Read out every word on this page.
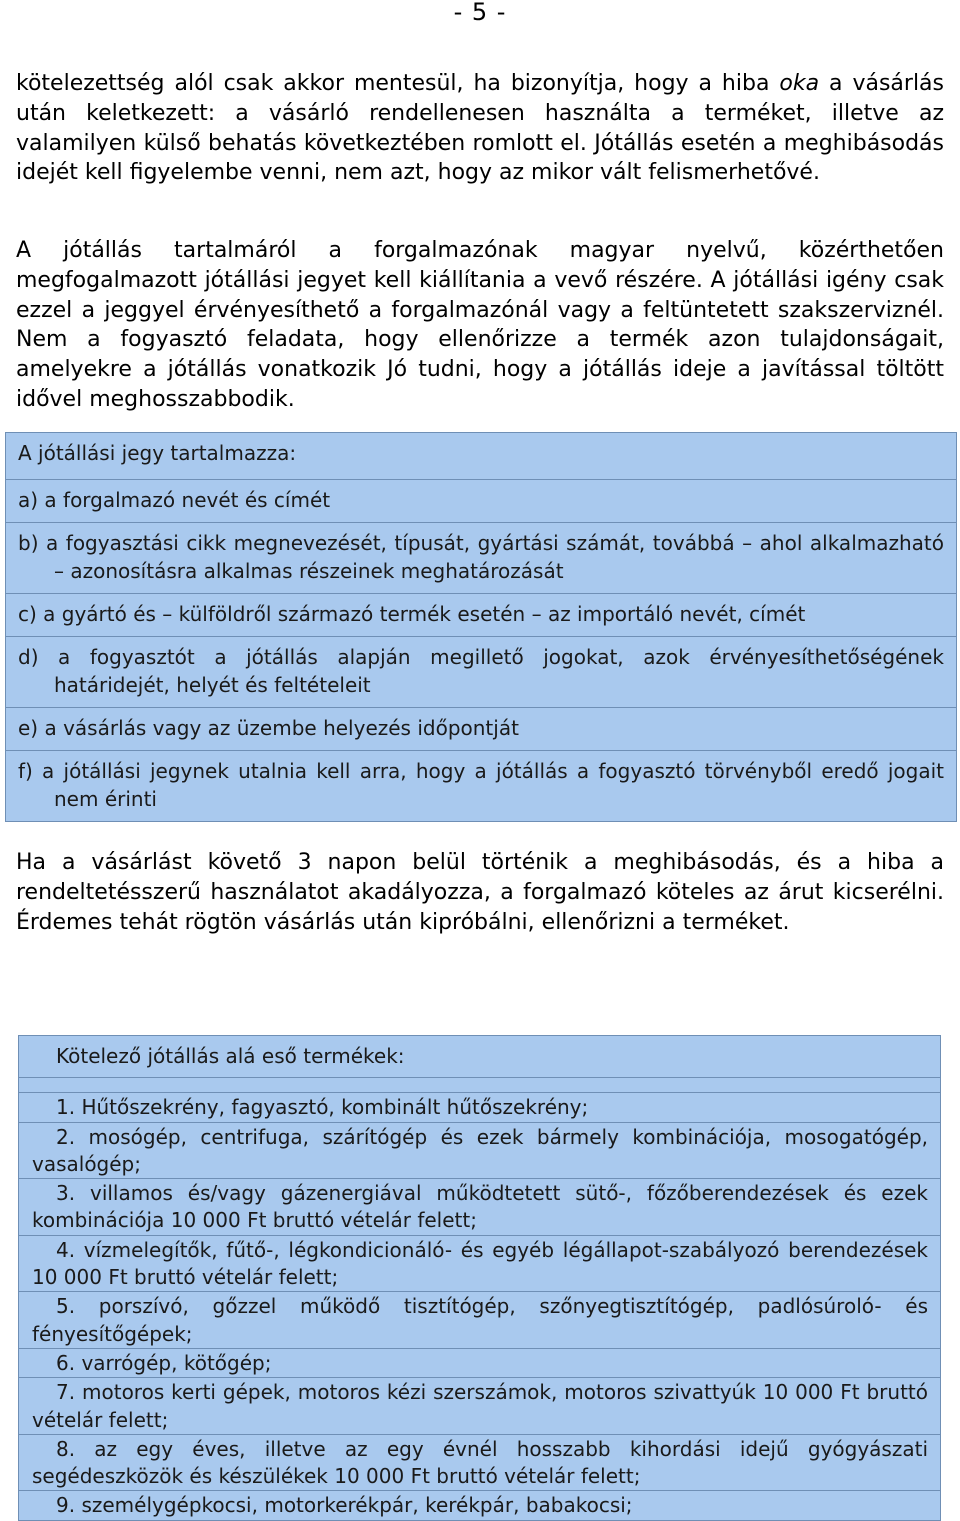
- 5 -

kötelezettség alól csak akkor mentesül, ha bizonyítja, hogy a hiba oka a vásárlás után keletkezett: a vásárló rendellenesen használta a terméket, illetve az valamilyen külső behatás következtében romlott el. Jótállás esetén a meghibásodás idejét kell figyelembe venni, nem azt, hogy az mikor vált felismerhetővé.

A jótállás tartalmáról a forgalmazónak magyar nyelvű, közérthetően megfogalmazott jótállási jegyet kell kiállítania a vevő részére. A jótállási igény csak ezzel a jeggyel érvényesíthető a forgalmazónál vagy a feltüntetett szakszerviznél. Nem a fogyasztó feladata, hogy ellenőrizze a termék azon tulajdonságait, amelyekre a jótállás vonatkozik Jó tudni, hogy a jótállás ideje a javítással töltött idővel meghosszabbodik.

A jótállási jegy tartalmazza:
a) a forgalmazó nevét és címét
b) a fogyasztási cikk megnevezését, típusát, gyártási számát, továbbá – ahol alkalmazható – azonosításra alkalmas részeinek meghatározását
c) a gyártó és – külföldről származó termék esetén – az importáló nevét, címét
d) a fogyasztót a jótállás alapján megillető jogokat, azok érvényesíthetőségének határidejét, helyét és feltételeit
e) a vásárlás vagy az üzembe helyezés időpontját
f) a jótállási jegynek utalnia kell arra, hogy a jótállás a fogyasztó törvényből eredő jogait nem érinti

Ha a vásárlást követő 3 napon belül történik a meghibásodás, és a hiba a rendeltetésszerű használatot akadályozza, a forgalmazó köteles az árut kicserélni. Érdemes tehát rögtön vásárlás után kipróbálni, ellenőrizni a terméket.

Kötelező jótállás alá eső termékek:

1. Hűtőszekrény, fagyasztó, kombinált hűtőszekrény;
2. mosógép, centrifuga, szárítógép és ezek bármely kombinációja, mosogatógép, vasalógép;
3. villamos és/vagy gázenergiával működtetett sütő-, főzőberendezések és ezek kombinációja 10 000 Ft bruttó vételár felett;
4. vízmelegítők, fűtő-, légkondicionáló- és egyéb légállapot-szabályozó berendezések 10 000 Ft bruttó vételár felett;
5. porszívó, gőzzel működő tisztítógép, szőnyegtisztítógép, padlósúroló- és fényesítőgépek;
6. varrógép, kötőgép;
7. motoros kerti gépek, motoros kézi szerszámok, motoros szivattyúk 10 000 Ft bruttó vételár felett;
8. az egy éves, illetve az egy évnél hosszabb kihordási idejű gyógyászati segédeszközök és készülékek 10 000 Ft bruttó vételár felett;
9. személygépkocsi, motorkerékpár, kerékpár, babakocsi;
